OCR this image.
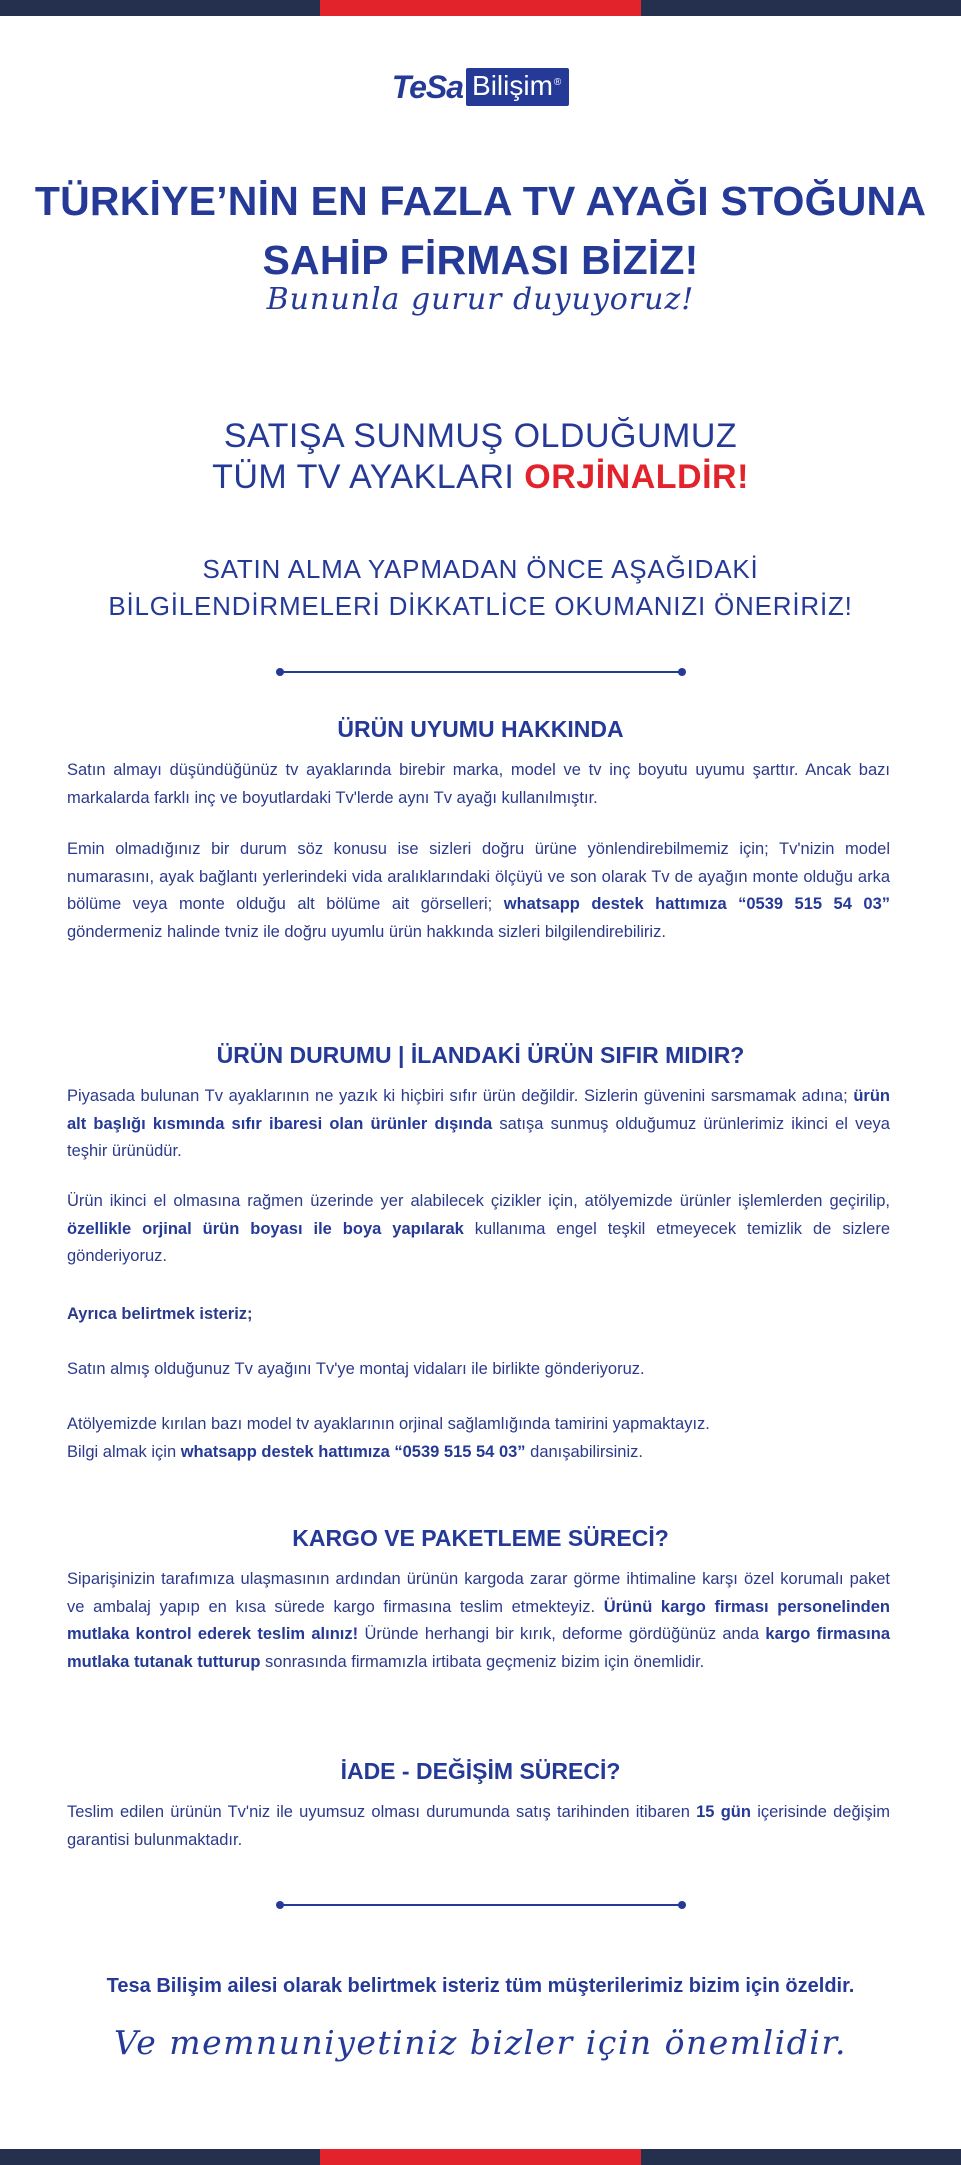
TeSa Bilişim®
TÜRKİYE’NİN EN FAZLA TV AYAĞI STOĞUNA
SAHİP FİRMASI BİZİZ!
Bununla gurur duyuyoruz!
SATIŞA SUNMUŞ OLDUĞUMUZ
TÜM TV AYAKLARI ORJİNALDİR!
SATIN ALMA YAPMADAN ÖNCE AŞAĞIDAKİ
BİLGİLENDİRMELERİ DİKKATLİCE OKUMANIZI ÖNERİRİZ!
ÜRÜN UYUMU HAKKINDA

Satın almayı düşündüğünüz tv ayaklarında birebir marka, model ve tv inç boyutu uyumu şarttır. Ancak bazı markalarda farklı inç ve boyutlardaki Tv'lerde aynı Tv ayağı kullanılmıştır.

Emin olmadığınız bir durum söz konusu ise sizleri doğru ürüne yönlendirebilmemiz için; Tv'nizin model numarasını, ayak bağlantı yerlerindeki vida aralıklarındaki ölçüyü ve son olarak Tv de ayağın monte olduğu arka bölüme veya monte olduğu alt bölüme ait görselleri; whatsapp destek hattımıza “0539 515 54 03” göndermeniz halinde tvniz ile doğru uyumlu ürün hakkında sizleri bilgilendirebiliriz.

ÜRÜN DURUMU | İLANDAKİ ÜRÜN SIFIR MIDIR?

Piyasada bulunan Tv ayaklarının ne yazık ki hiçbiri sıfır ürün değildir. Sizlerin güvenini sarsmamak adına; ürün alt başlığı kısmında sıfır ibaresi olan ürünler dışında satışa sunmuş olduğumuz ürünlerimiz ikinci el veya teşhir ürünüdür.

Ürün ikinci el olmasına rağmen üzerinde yer alabilecek çizikler için, atölyemizde ürünler işlemlerden geçirilip, özellikle orjinal ürün boyası ile boya yapılarak kullanıma engel teşkil etmeyecek temizlik de sizlere gönderiyoruz.

Ayrıca belirtmek isteriz;

Satın almış olduğunuz Tv ayağını Tv'ye montaj vidaları ile birlikte gönderiyoruz.

Atölyemizde kırılan bazı model tv ayaklarının orjinal sağlamlığında tamirini yapmaktayız.
Bilgi almak için whatsapp destek hattımıza “0539 515 54 03” danışabilirsiniz.

KARGO VE PAKETLEME SÜRECİ?

Siparişinizin tarafımıza ulaşmasının ardından ürünün kargoda zarar görme ihtimaline karşı özel korumalı paket ve ambalaj yapıp en kısa sürede kargo firmasına teslim etmekteyiz. Ürünü kargo firması personelinden mutlaka kontrol ederek teslim alınız! Üründe herhangi bir kırık, deforme gördüğünüz anda kargo firmasına mutlaka tutanak tutturup sonrasında firmamızla irtibata geçmeniz bizim için önemlidir.

İADE - DEĞİŞİM SÜRECİ?

Teslim edilen ürünün Tv'niz ile uyumsuz olması durumunda satış tarihinden itibaren 15 gün içerisinde değişim garantisi bulunmaktadır.

Tesa Bilişim ailesi olarak belirtmek isteriz tüm müşterilerimiz bizim için özeldir.
Ve memnuniyetiniz bizler için önemlidir.
